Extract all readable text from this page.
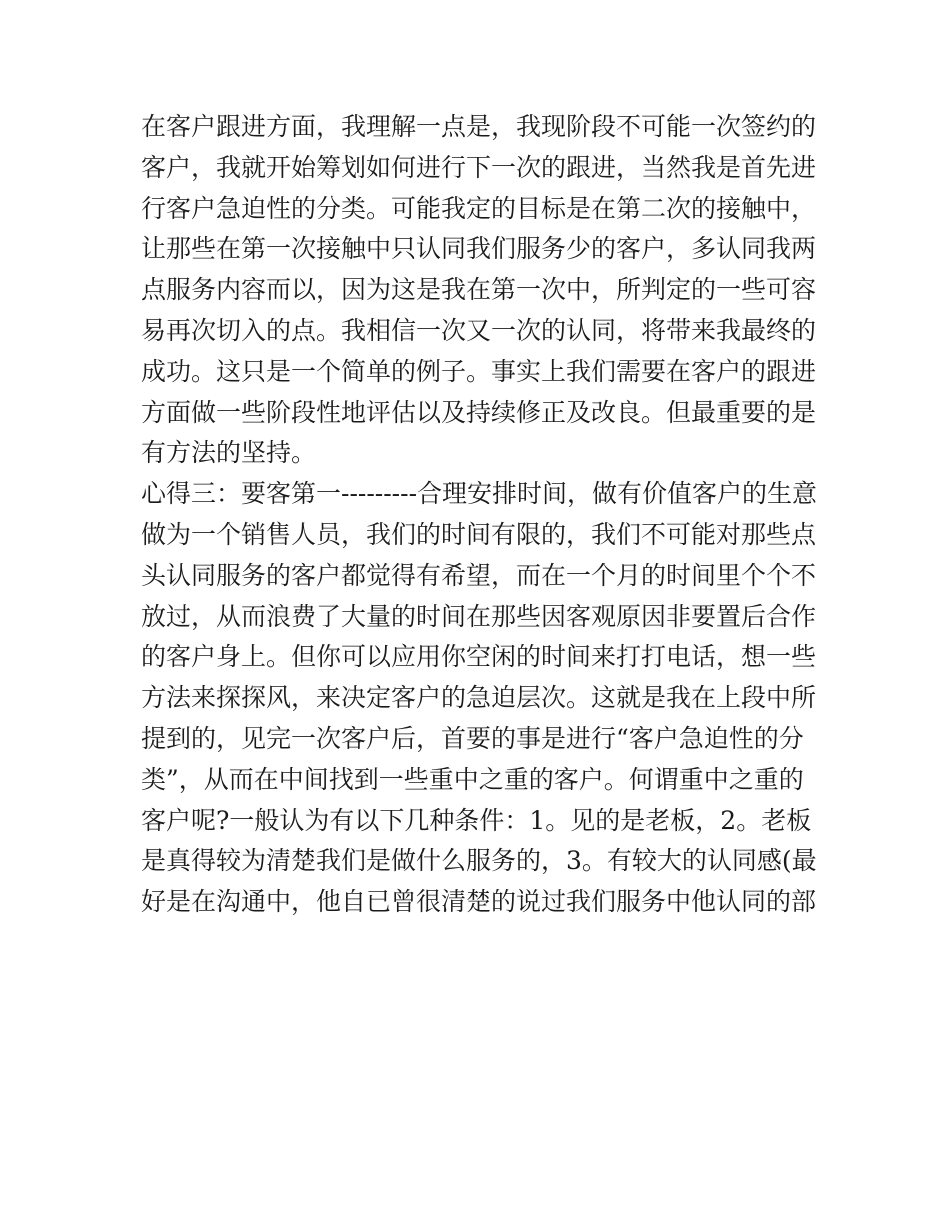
在客户跟进方面，我理解一点是，我现阶段不可能一次签约的
客户，我就开始筹划如何进行下一次的跟进，当然我是首先进
行客户急迫性的分类。可能我定的目标是在第二次的接触中，
让那些在第一次接触中只认同我们服务少的客户，多认同我两
点服务内容而以，因为这是我在第一次中，所判定的一些可容
易再次切入的点。我相信一次又一次的认同，将带来我最终的
成功。这只是一个简单的例子。事实上我们需要在客户的跟进
方面做一些阶段性地评估以及持续修正及改良。但最重要的是
有方法的坚持。
心得三：要客第一---------合理安排时间，做有价值客户的生意
做为一个销售人员，我们的时间有限的，我们不可能对那些点
头认同服务的客户都觉得有希望，而在一个月的时间里个个不
放过，从而浪费了大量的时间在那些因客观原因非要置后合作
的客户身上。但你可以应用你空闲的时间来打打电话，想一些
方法来探探风，来决定客户的急迫层次。这就是我在上段中所
提到的，见完一次客户后，首要的事是进行“客户急迫性的分
类”，从而在中间找到一些重中之重的客户。何谓重中之重的
客户呢?一般认为有以下几种条件：1。见的是老板，2。老板
是真得较为清楚我们是做什么服务的，3。有较大的认同感(最
好是在沟通中，他自已曾很清楚的说过我们服务中他认同的部
